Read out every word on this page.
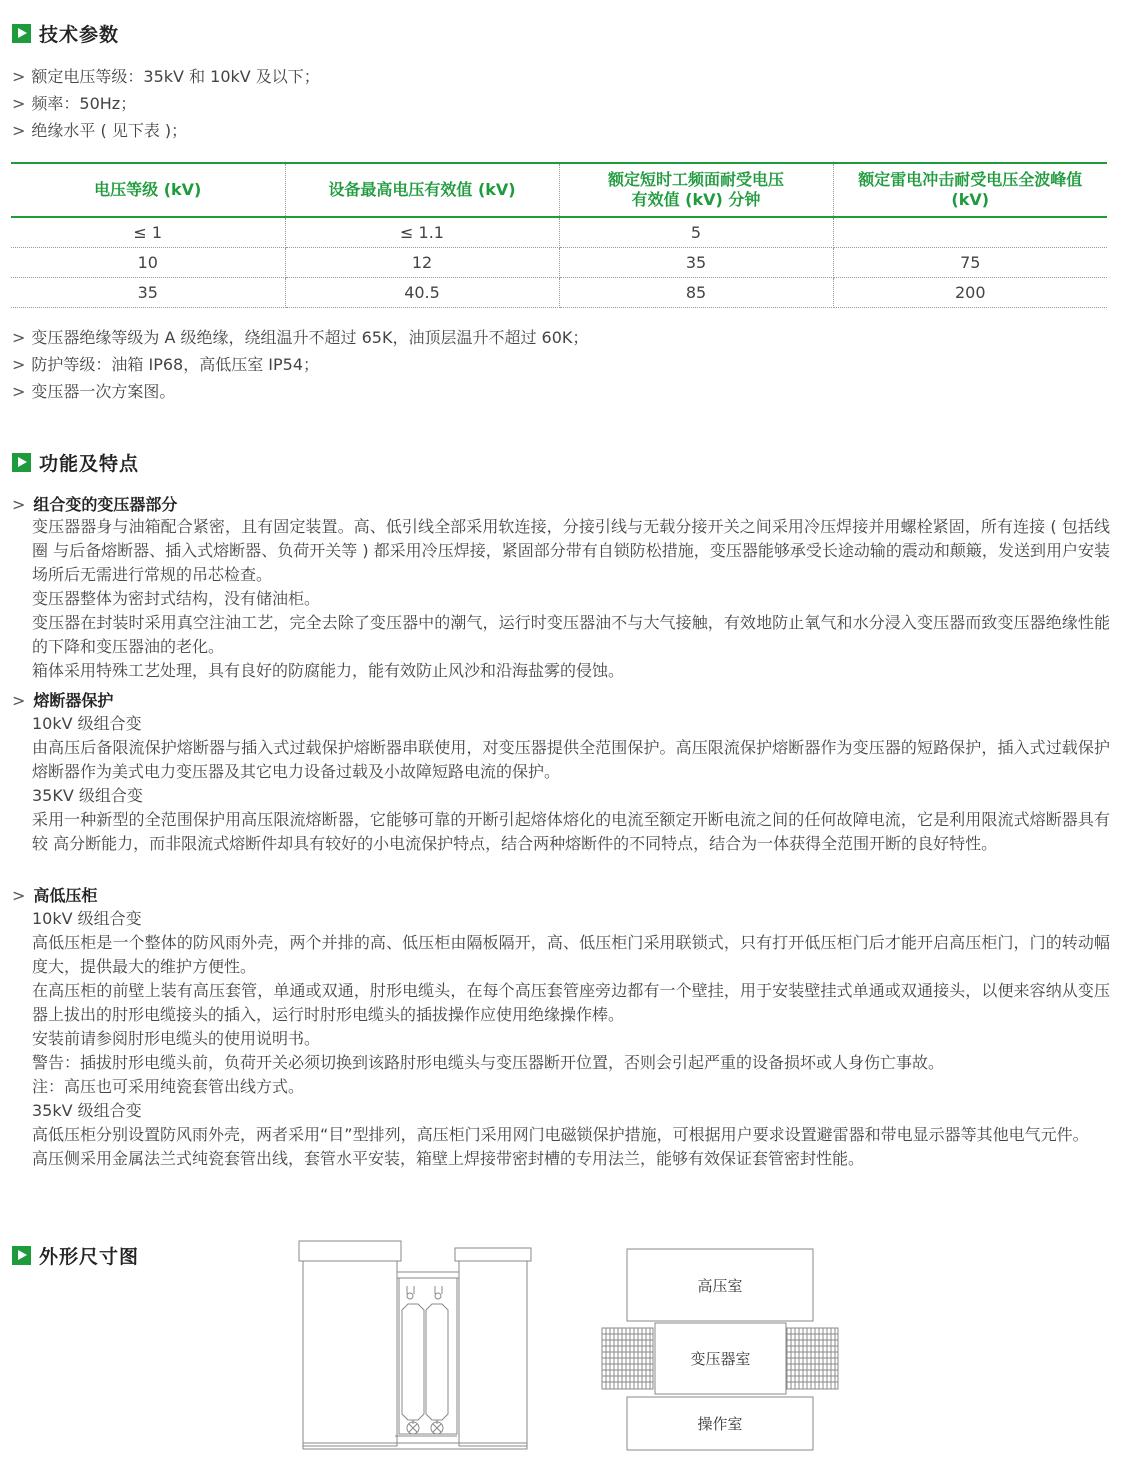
技术参数
> 额定电压等级：35kV 和 10kV 及以下；
> 频率：50Hz；
> 绝缘水平 ( 见下表 )；
电压等级 (kV)	设备最高电压有效值 (kV)	额定短时工频面耐受电压有效值 (kV) 分钟	额定雷电冲击耐受电压全波峰值 (kV)
≤ 1	≤ 1.1	5	
10	12	35	75
35	40.5	85	200
> 变压器绝缘等级为 A 级绝缘，绕组温升不超过 65K，油顶层温升不超过 60K；
> 防护等级：油箱 IP68，高低压室 IP54；
> 变压器一次方案图。
功能及特点
> 组合变的变压器部分
变压器器身与油箱配合紧密，且有固定装置。高、低引线全部采用软连接，分接引线与无载分接开关之间采用冷压焊接并用螺栓紧固，所有连接 ( 包括线圈 与后备熔断器、插入式熔断器、负荷开关等 ) 都采用冷压焊接，紧固部分带有自锁防松措施，变压器能够承受长途动输的震动和颠簸，发送到用户安装场所后无需进行常规的吊芯检查。
变压器整体为密封式结构，没有储油柜。
变压器在封装时采用真空注油工艺，完全去除了变压器中的潮气，运行时变压器油不与大气接触，有效地防止氧气和水分浸入变压器而致变压器绝缘性能的下降和变压器油的老化。
箱体采用特殊工艺处理，具有良好的防腐能力，能有效防止风沙和沿海盐雾的侵蚀。
> 熔断器保护
10kV 级组合变
由高压后备限流保护熔断器与插入式过载保护熔断器串联使用，对变压器提供全范围保护。高压限流保护熔断器作为变压器的短路保护，插入式过载保护熔断器作为美式电力变压器及其它电力设备过载及小故障短路电流的保护。
35KV 级组合变
采用一种新型的全范围保护用高压限流熔断器，它能够可靠的开断引起熔体熔化的电流至额定开断电流之间的任何故障电流，它是利用限流式熔断器具有较 高分断能力，而非限流式熔断件却具有较好的小电流保护特点，结合两种熔断件的不同特点，结合为一体获得全范围开断的良好特性。
> 高低压柜
10kV 级组合变
高低压柜是一个整体的防风雨外壳，两个并排的高、低压柜由隔板隔开，高、低压柜门采用联锁式，只有打开低压柜门后才能开启高压柜门，门的转动幅度大，提供最大的维护方便性。
在高压柜的前壁上装有高压套管，单通或双通，肘形电缆头，在每个高压套管座旁边都有一个壁挂，用于安装壁挂式单通或双通接头，以便来容纳从变压器上拔出的肘形电缆接头的插入，运行时肘形电缆头的插拔操作应使用绝缘操作棒。
安装前请参阅肘形电缆头的使用说明书。
警告：插拔肘形电缆头前，负荷开关必须切换到该路肘形电缆头与变压器断开位置，否则会引起严重的设备损坏或人身伤亡事故。
注：高压也可采用纯瓷套管出线方式。
35kV 级组合变
高低压柜分别设置防风雨外壳，两者采用“目”型排列，高压柜门采用网门电磁锁保护措施，可根据用户要求设置避雷器和带电显示器等其他电气元件。
高压侧采用金属法兰式纯瓷套管出线，套管水平安装，箱壁上焊接带密封槽的专用法兰，能够有效保证套管密封性能。
外形尺寸图
高压室
变压器室
操作室
